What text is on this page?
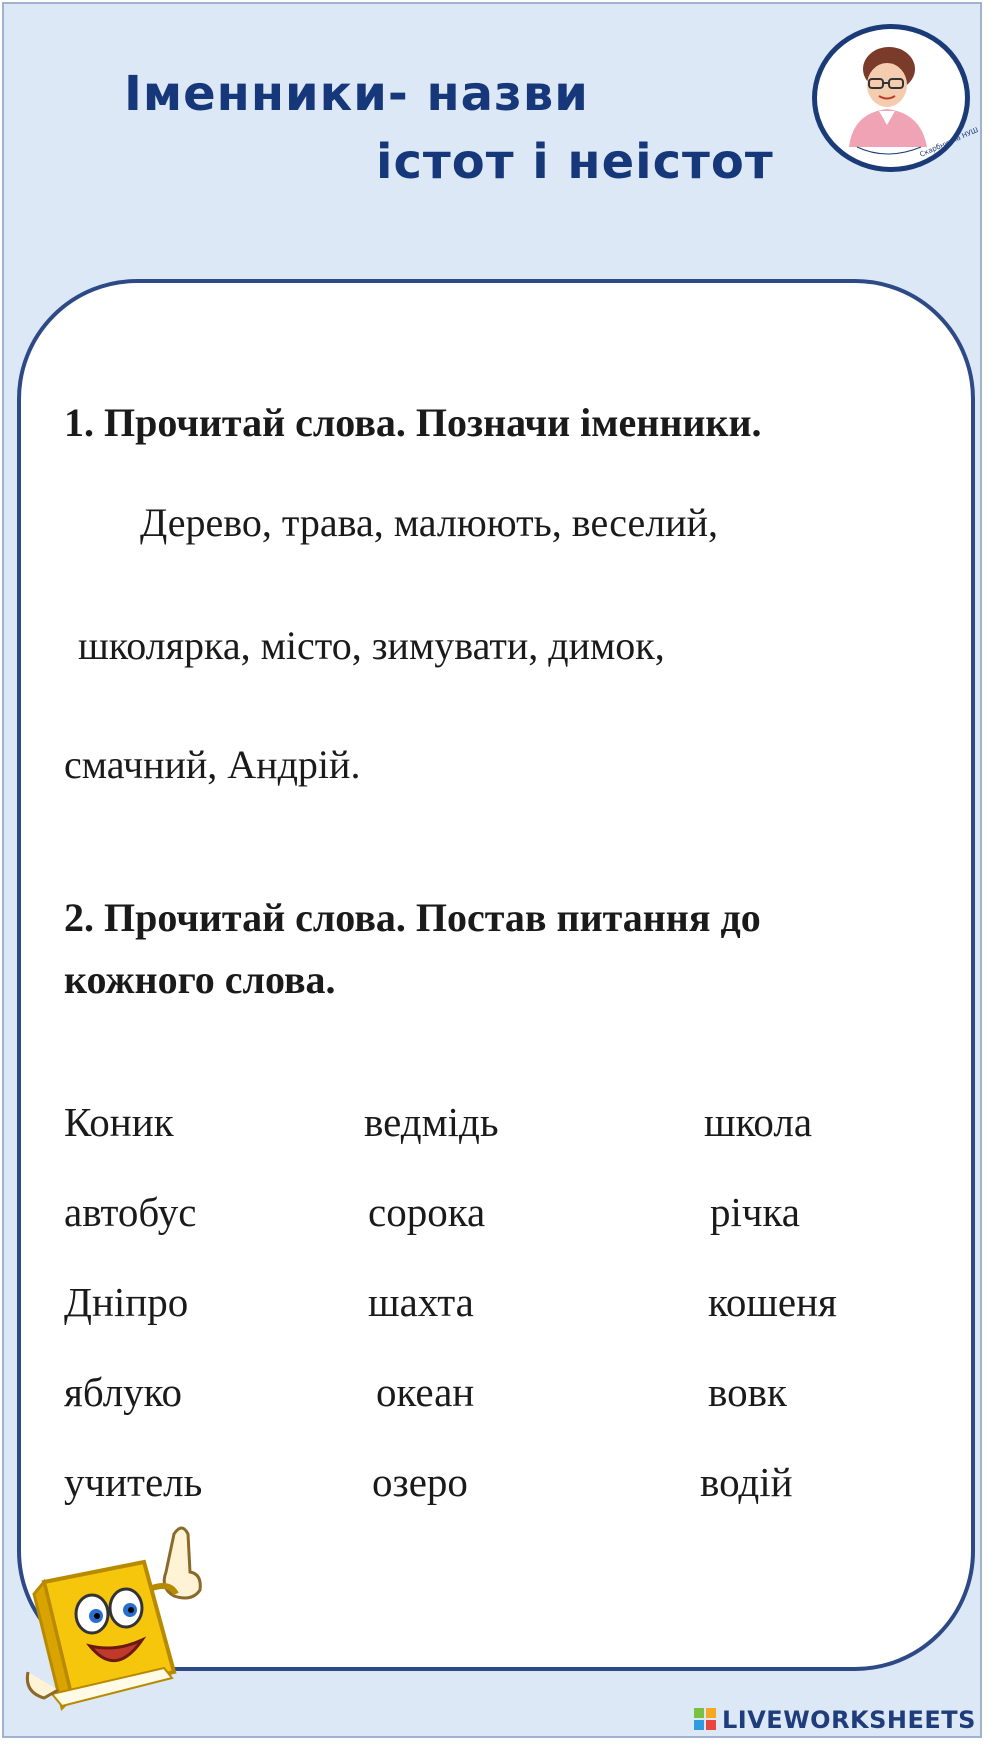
Іменники- назви
істот і неістот	Скарбничка НУШ
1. Прочитай слова. Позначи іменники.
Дерево, трава, малюють, веселий,
школярка, місто, зимувати, димок,
смачний, Андрій.
2. Прочитай слова. Постав питання до
кожного слова.
Коник
автобус
Дніпро
яблуко
учитель
ведмідь
сорока
шахта
океан
озеро
школа
річка
кошеня
вовк
водій
LIVEWORKSHEETS
